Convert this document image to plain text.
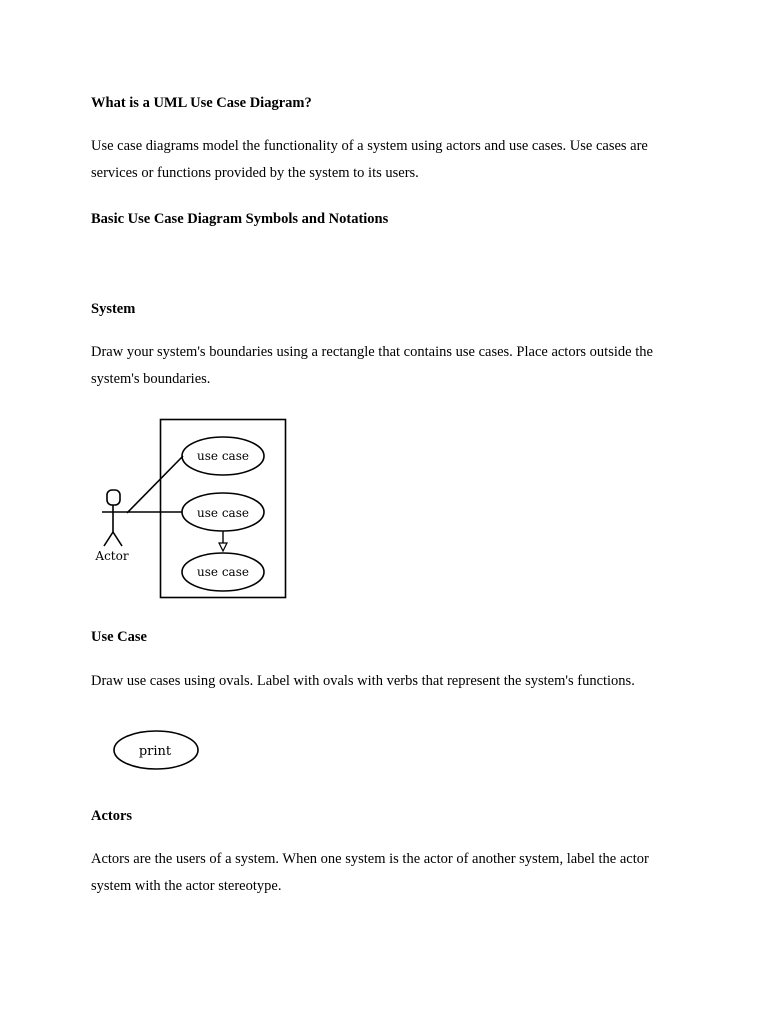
What is a UML Use Case Diagram?

Use case diagrams model the functionality of a system using actors and use cases. Use cases are services or functions provided by the system to its users.

Basic Use Case Diagram Symbols and Notations

System

Draw your system's boundaries using a rectangle that contains use cases. Place actors outside the system's boundaries.

use case
use case
use case
Actor

Use Case

Draw use cases using ovals. Label with ovals with verbs that represent the system's functions.

print

Actors

Actors are the users of a system. When one system is the actor of another system, label the actor system with the actor stereotype.
